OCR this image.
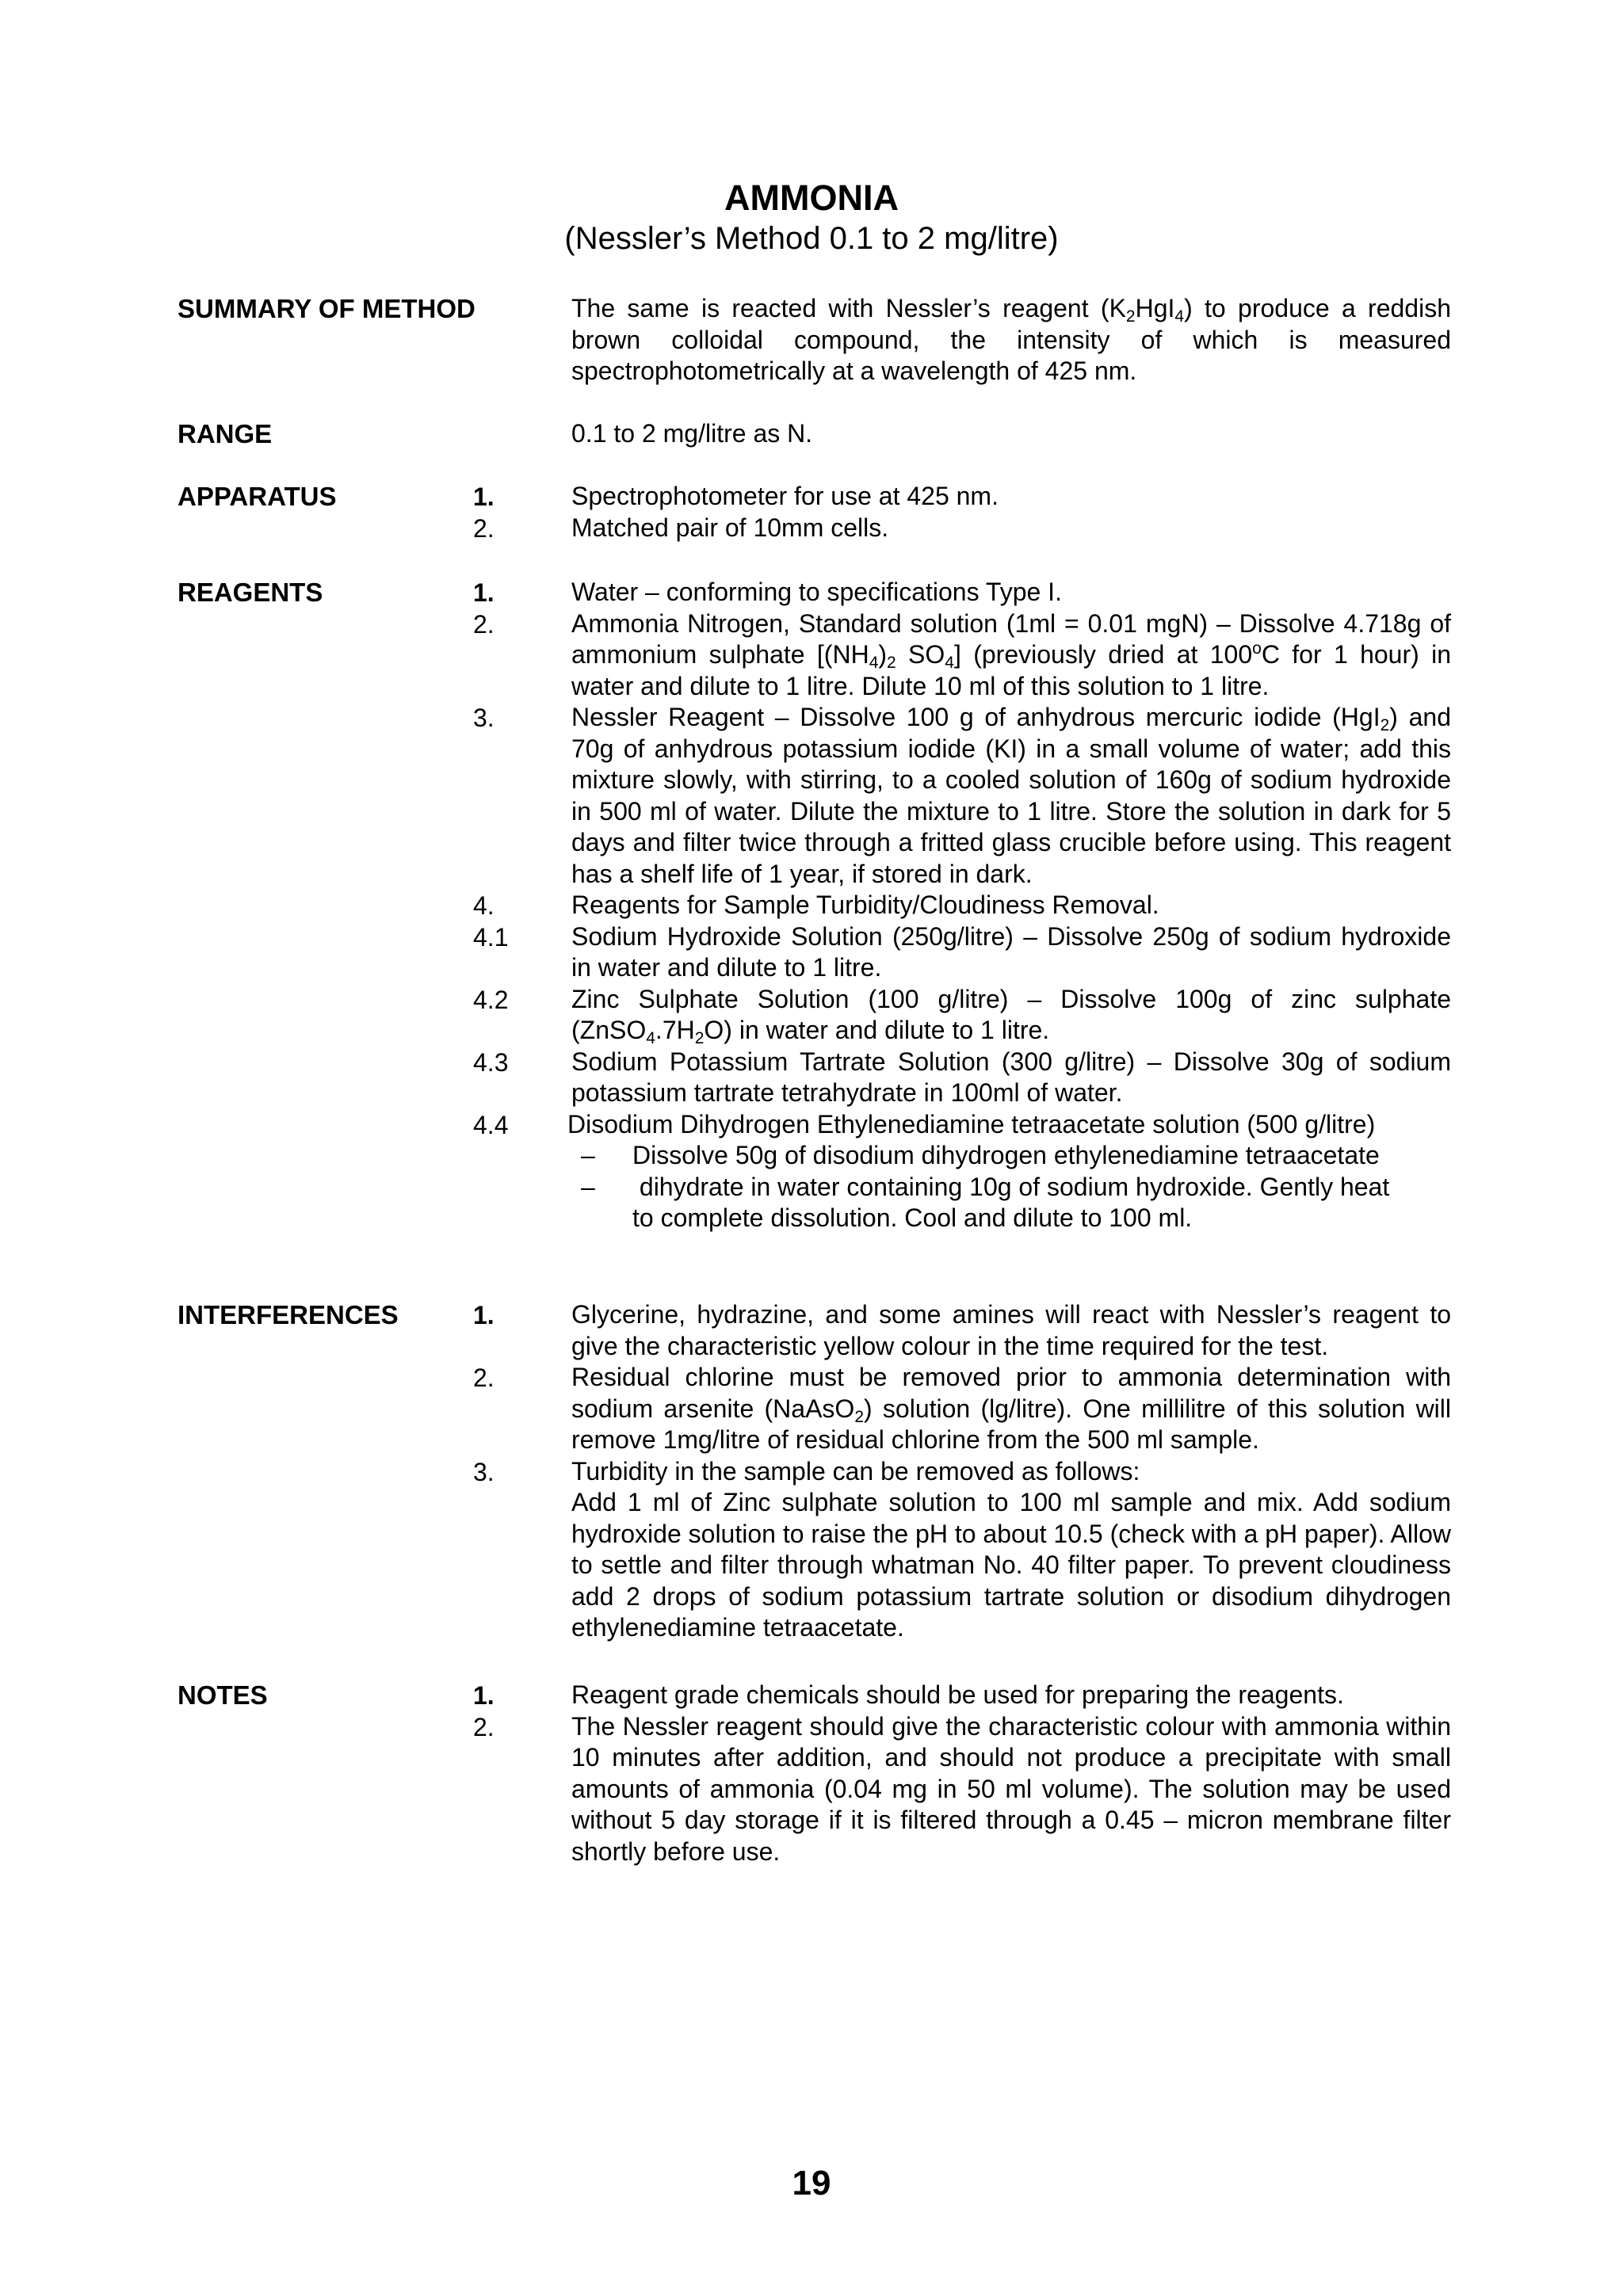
AMMONIA
(Nessler’s Method 0.1 to 2 mg/litre)
SUMMARY OF METHOD	The same is reacted with Nessler’s reagent $(K_2HgI_4)$ to produce a reddish brown colloidal compound, the intensity of which is measured spectrophotometrically at a wavelength of 425 nm.
RANGE	0.1 to 2 mg/litre as N.
APPARATUS	1.	Spectrophotometer for use at 425 nm.
2.	Matched pair of 10mm cells.
REAGENTS	1.	Water – conforming to specifications Type I.
2.	Ammonia Nitrogen, Standard solution (1ml = 0.01 mgN) – Dissolve 4.718g of ammonium sulphate [$(NH_4)_2$ $SO_4$] (previously dried at 100$^o$C for 1 hour) in water and dilute to 1 litre. Dilute 10 ml of this solution to 1 litre.
3.	Nessler Reagent – Dissolve 100 g of anhydrous mercuric iodide (HgI$_2$) and 70g of anhydrous potassium iodide (KI) in a small volume of water; add this mixture slowly, with stirring, to a cooled solution of 160g of sodium hydroxide in 500 ml of water. Dilute the mixture to 1 litre. Store the solution in dark for 5 days and filter twice through a fritted glass crucible before using. This reagent has a shelf life of 1 year, if stored in dark.
4.	Reagents for Sample Turbidity/Cloudiness Removal.
4.1 Sodium Hydroxide Solution (250g/litre) – Dissolve 250g of sodium hydroxide in water and dilute to 1 litre.
4.2 Zinc Sulphate Solution (100 g/litre) – Dissolve 100g of zinc sulphate $(ZnSO_4.7H_2O)$ in water and dilute to 1 litre.
4.3 Sodium Potassium Tartrate Solution (300 g/litre) – Dissolve 30g of sodium potassium tartrate tetrahydrate in 100ml of water.
4.4 Disodium Dihydrogen Ethylenediamine tetraacetate solution (500 g/litre)
– Dissolve 50g of disodium dihydrogen ethylenediamine tetraacetate
– dihydrate in water containing 10g of sodium hydroxide. Gently heat
to complete dissolution. Cool and dilute to 100 ml.
INTERFERENCES	1.	Glycerine, hydrazine, and some amines will react with Nessler’s reagent to give the characteristic yellow colour in the time required for the test.
2.	Residual chlorine must be removed prior to ammonia determination with sodium arsenite (NaAsO$_2$) solution (lg/litre). One millilitre of this solution will remove 1mg/litre of residual chlorine from the 500 ml sample.
3.	Turbidity in the sample can be removed as follows:
Add 1 ml of Zinc sulphate solution to 100 ml sample and mix. Add sodium hydroxide solution to raise the pH to about 10.5 (check with a pH paper). Allow to settle and filter through whatman No. 40 filter paper. To prevent cloudiness add 2 drops of sodium potassium tartrate solution or disodium dihydrogen ethylenediamine tetraacetate.
NOTES	1.	Reagent grade chemicals should be used for preparing the reagents.
2.	The Nessler reagent should give the characteristic colour with ammonia within 10 minutes after addition, and should not produce a precipitate with small amounts of ammonia (0.04 mg in 50 ml volume). The solution may be used without 5 day storage if it is filtered through a 0.45 – micron membrane filter shortly before use.
19
